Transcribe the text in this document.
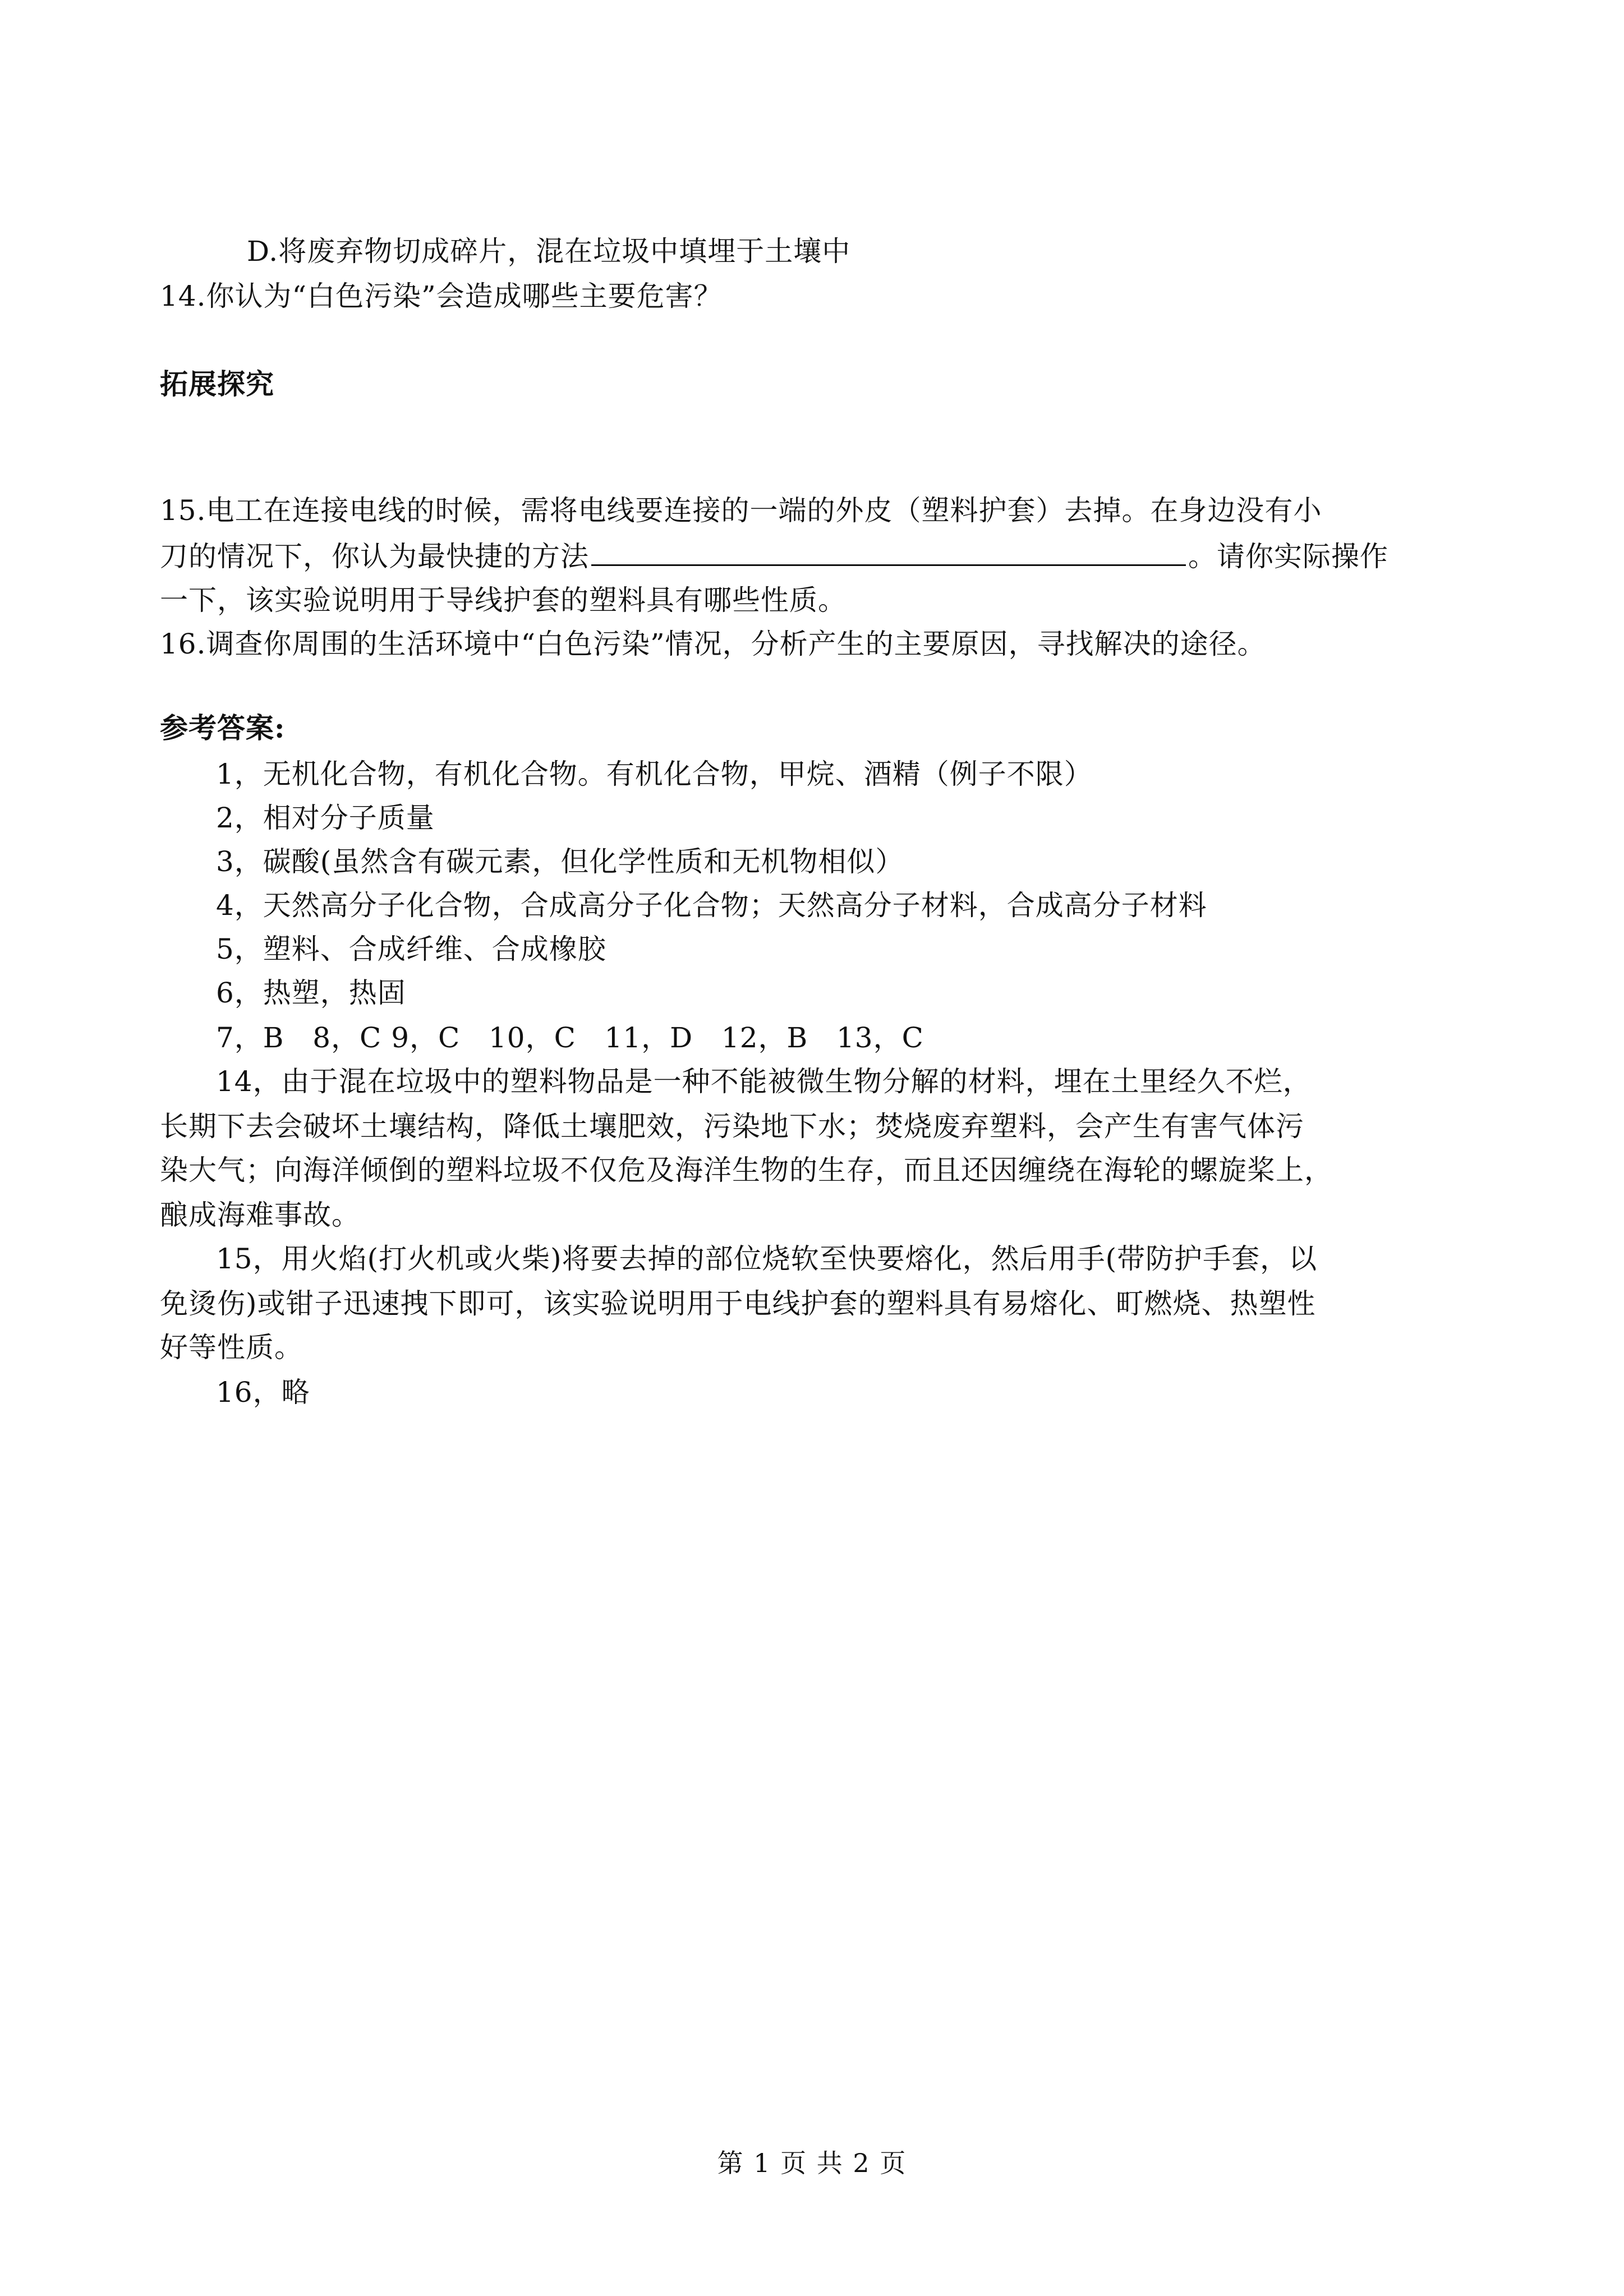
D.将废弃物切成碎片，混在垃圾中填埋于土壤中
14.你认为“白色污染”会造成哪些主要危害？
拓展探究
15.电工在连接电线的时候，需将电线要连接的一端的外皮（塑料护套）去掉。在身边没有小
刀的情况下，你认为最快捷的方法	。请你实际操作
一下，该实验说明用于导线护套的塑料具有哪些性质。
16.调查你周围的生活环境中“白色污染”情况，分析产生的主要原因，寻找解决的途径。
参考答案:
1，无机化合物，有机化合物。有机化合物，甲烷、酒精（例子不限）
2，相对分子质量
3，碳酸(虽然含有碳元素，但化学性质和无机物相似）
4，天然高分子化合物，合成高分子化合物；天然高分子材料，合成高分子材料
5，塑料、合成纤维、合成橡胶
6，热塑，热固
7，B   8，C 9，C   10，C   11，D   12，B   13，C
14，由于混在垃圾中的塑料物品是一种不能被微生物分解的材料，埋在土里经久不烂，
长期下去会破坏土壤结构，降低土壤肥效，污染地下水；焚烧废弃塑料，会产生有害气体污
染大气；向海洋倾倒的塑料垃圾不仅危及海洋生物的生存，而且还因缠绕在海轮的螺旋桨上，
酿成海难事故。
15，用火焰(打火机或火柴)将要去掉的部位烧软至快要熔化，然后用手(带防护手套，以
免烫伤)或钳子迅速拽下即可，该实验说明用于电线护套的塑料具有易熔化、町燃烧、热塑性
好等性质。
16，略
第 1 页 共 2 页
